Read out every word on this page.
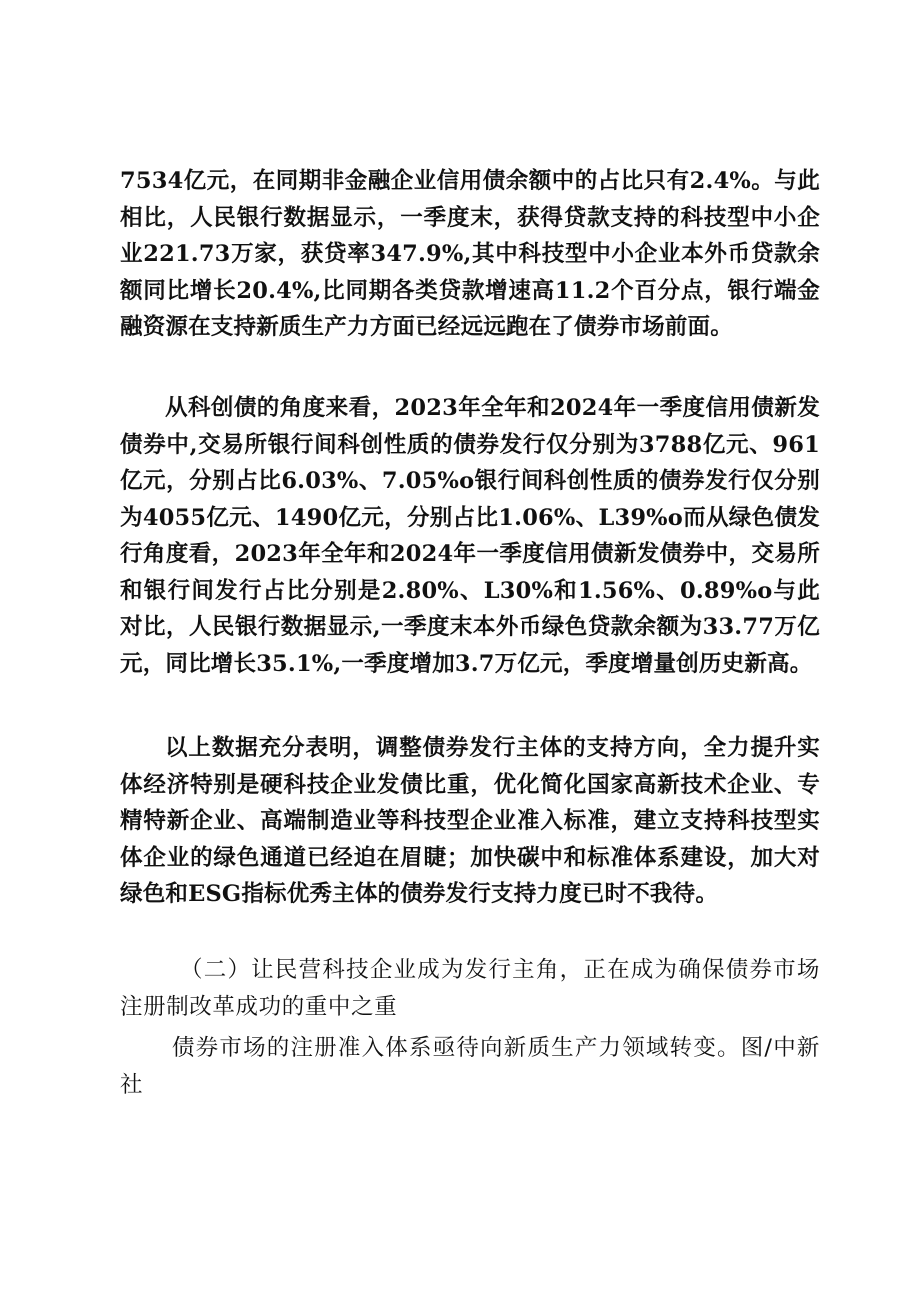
7534亿元，在同期非金融企业信用债余额中的占比只有2.4%。与此相比，人民银行数据显示，一季度末，获得贷款支持的科技型中小企业221.73万家，获贷率347.9%,其中科技型中小企业本外币贷款余额同比增长20.4%,比同期各类贷款增速高11.2个百分点，银行端金融资源在支持新质生产力方面已经远远跑在了债券市场前面。
从科创债的角度来看，2023年全年和2024年一季度信用债新发债券中,交易所银行间科创性质的债券发行仅分别为3788亿元、961亿元，分别占比6.03%、7.05%o银行间科创性质的债券发行仅分别为4055亿元、1490亿元，分别占比1.06%、L39%o而从绿色债发行角度看，2023年全年和2024年一季度信用债新发债券中，交易所和银行间发行占比分别是2.80%、L30%和1.56%、0.89%o与此对比，人民银行数据显示,一季度末本外币绿色贷款余额为33.77万亿元，同比增长35.1%,一季度增加3.7万亿元，季度增量创历史新高。
以上数据充分表明，调整债券发行主体的支持方向，全力提升实体经济特别是硬科技企业发债比重，优化简化国家高新技术企业、专精特新企业、高端制造业等科技型企业准入标准，建立支持科技型实体企业的绿色通道已经迫在眉睫；加快碳中和标准体系建设，加大对绿色和ESG指标优秀主体的债券发行支持力度已时不我待。
（二）让民营科技企业成为发行主角，正在成为确保债券市场注册制改革成功的重中之重
债券市场的注册准入体系亟待向新质生产力领域转变。图/中新社
